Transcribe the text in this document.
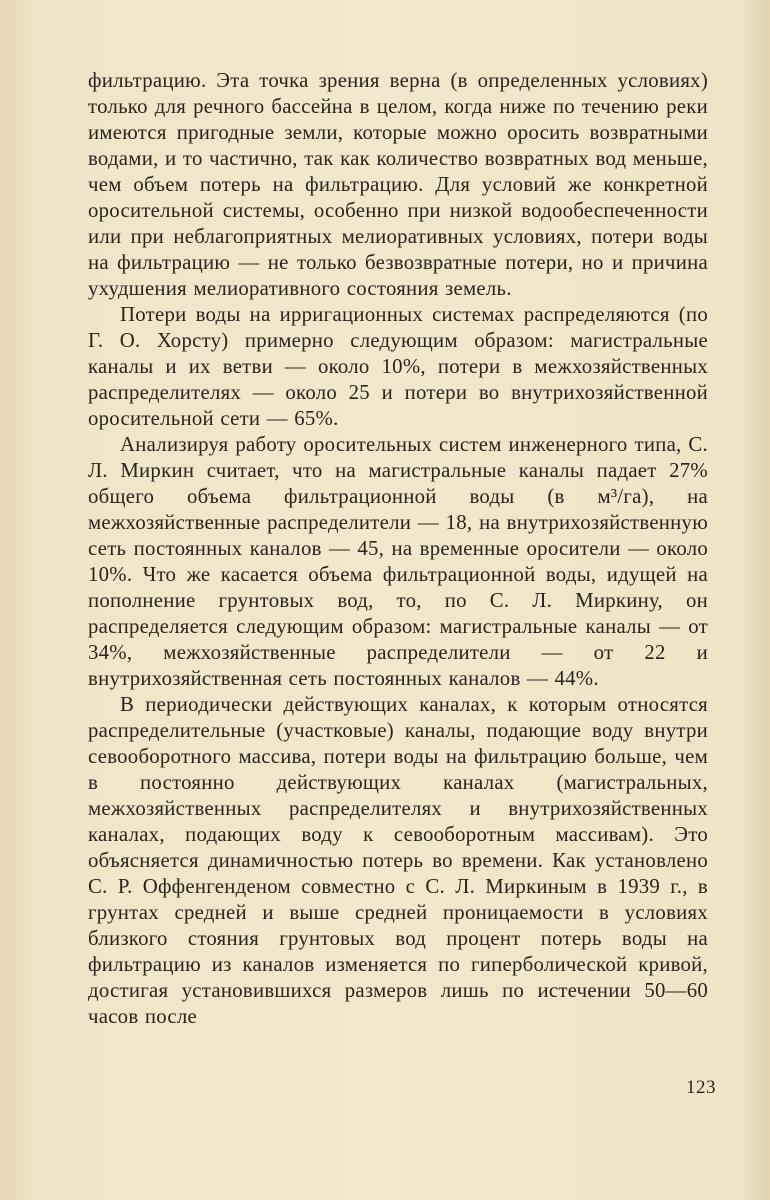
фильтрацию. Эта точка зрения верна (в определенных условиях) только для речного бассейна в целом, когда ниже по течению реки имеются пригодные земли, которые можно оросить возвратными водами, и то частично, так как количество возвратных вод меньше, чем объем потерь на фильтрацию. Для условий же конкретной оросительной системы, особенно при низкой водообеспеченности или при неблагоприятных мелиоративных условиях, потери воды на фильтрацию — не только безвозвратные потери, но и причина ухудшения мелиоративного состояния земель.

Потери воды на ирригационных системах распределяются (по Г. О. Хорсту) примерно следующим образом: магистральные каналы и их ветви — около 10%, потери в межхозяйственных распределителях — около 25 и потери во внутрихозяйственной оросительной сети — 65%.

Анализируя работу оросительных систем инженерного типа, С. Л. Миркин считает, что на магистральные каналы падает 27% общего объема фильтрационной воды (в м³/га), на межхозяйственные распределители — 18, на внутрихозяйственную сеть постоянных каналов — 45, на временные оросители — около 10%. Что же касается объема фильтрационной воды, идущей на пополнение грунтовых вод, то, по С. Л. Миркину, он распределяется следующим образом: магистральные каналы — от 34%, межхозяйственные распределители — от 22 и внутрихозяйственная сеть постоянных каналов — 44%.

В периодически действующих каналах, к которым относятся распределительные (участковые) каналы, подающие воду внутри севооборотного массива, потери воды на фильтрацию больше, чем в постоянно действующих каналах (магистральных, межхозяйственных распределителях и внутрихозяйственных каналах, подающих воду к севооборотным массивам). Это объясняется динамичностью потерь во времени. Как установлено С. Р. Оффенгенденом совместно с С. Л. Миркиным в 1939 г., в грунтах средней и выше средней проницаемости в условиях близкого стояния грунтовых вод процент потерь воды на фильтрацию из каналов изменяется по гиперболической кривой, достигая установившихся размеров лишь по истечении 50—60 часов после

123
